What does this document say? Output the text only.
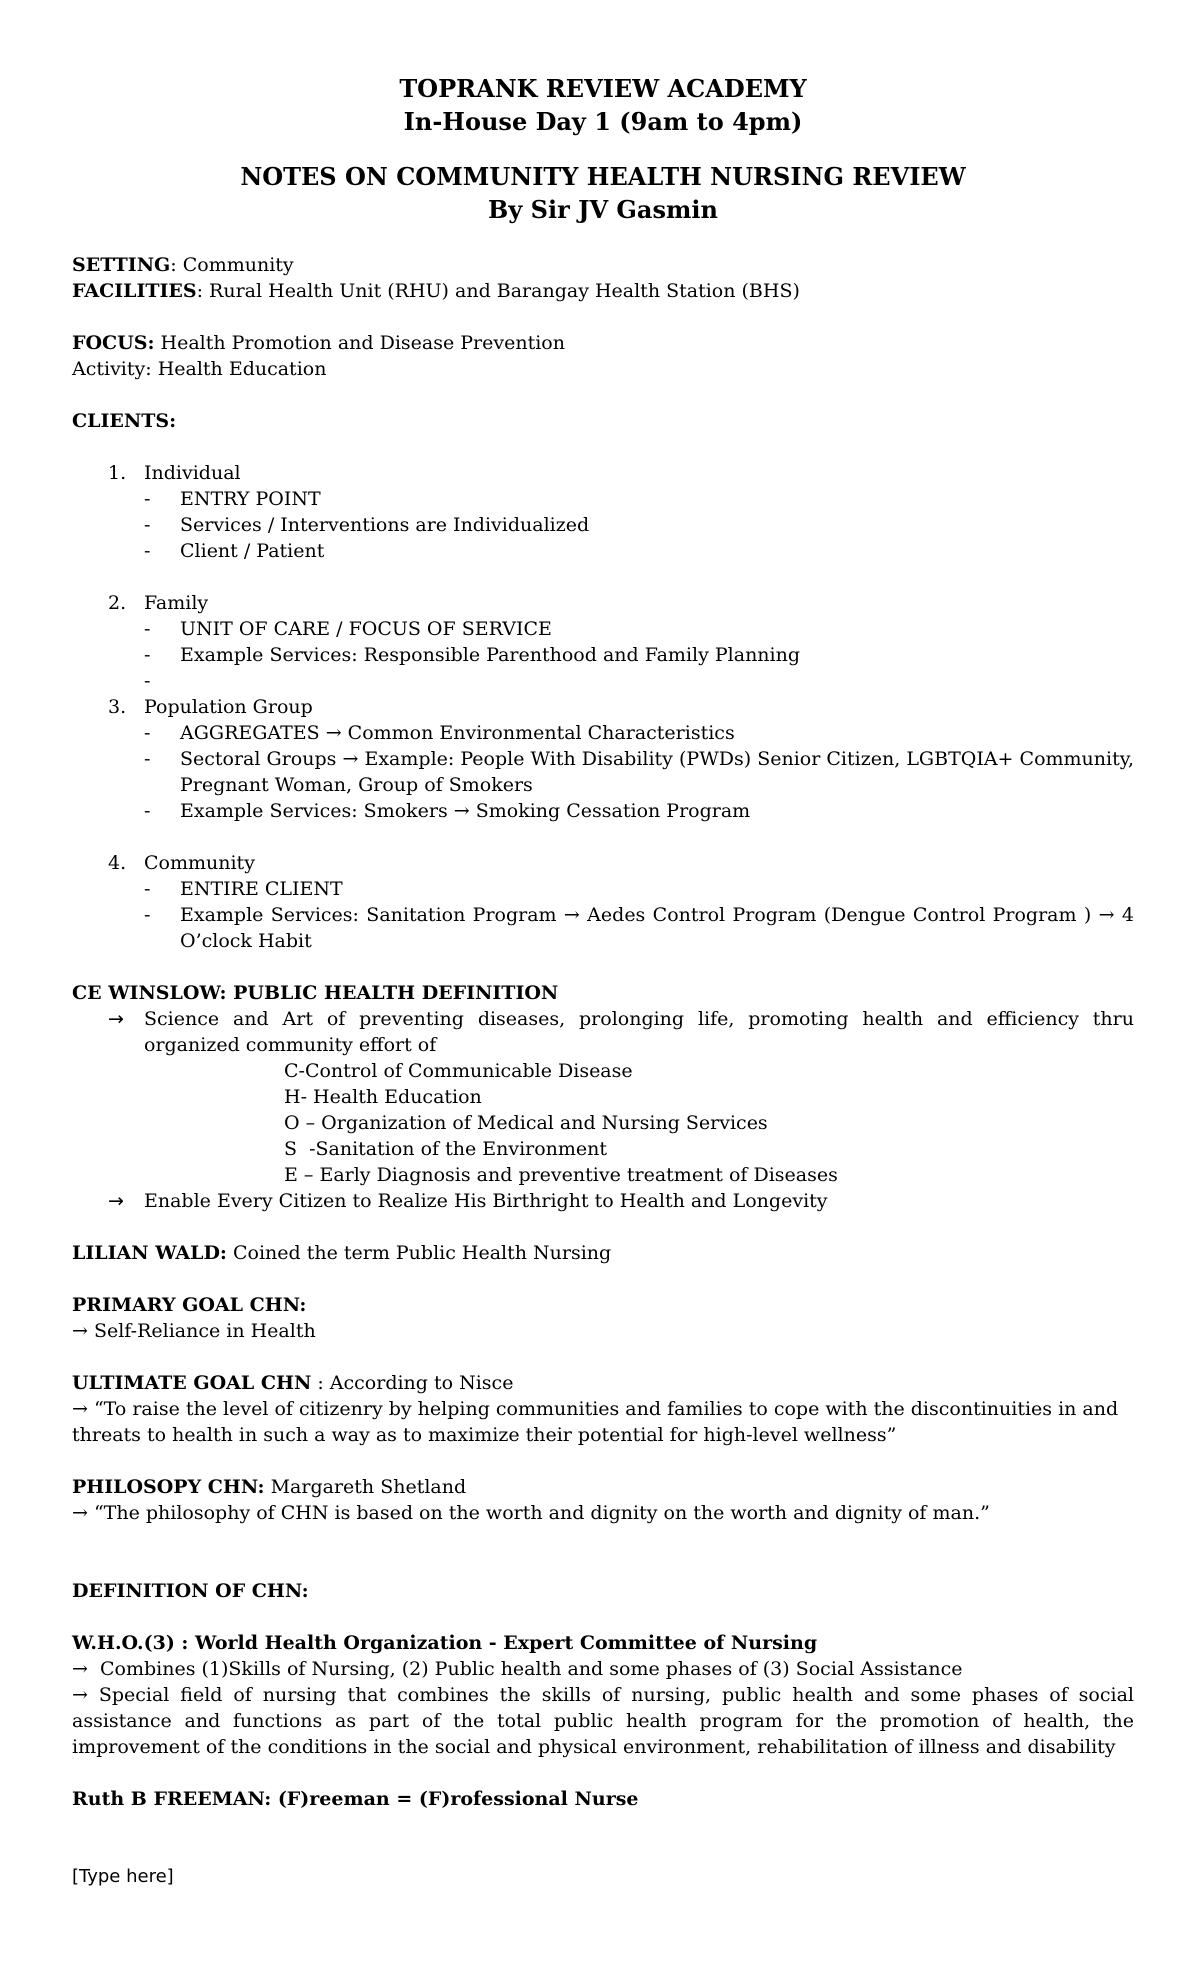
TOPRANK REVIEW ACADEMY
In-House Day 1 (9am to 4pm)
NOTES ON COMMUNITY HEALTH NURSING REVIEW
By Sir JV Gasmin

SETTING: Community

FACILITIES: Rural Health Unit (RHU) and Barangay Health Station (BHS)

FOCUS: Health Promotion and Disease Prevention

Activity: Health Education

CLIENTS:

1. Individual
-	ENTRY POINT
-	Services / Interventions are Individualized
-	Client / Patient
2. Family
-	UNIT OF CARE / FOCUS OF SERVICE
-	Example Services: Responsible Parenthood and Family Planning
-
3. Population Group
-	AGGREGATES → Common Environmental Characteristics
-	Sectoral Groups → Example: People With Disability (PWDs) Senior Citizen, LGBTQIA+ Community, Pregnant Woman, Group of Smokers
-	Example Services: Smokers → Smoking Cessation Program
4. Community
-	ENTIRE CLIENT
-	Example Services: Sanitation Program → Aedes Control Program (Dengue Control Program ) → 4 O’clock Habit

CE WINSLOW: PUBLIC HEALTH DEFINITION

→	Science and Art of preventing diseases, prolonging life, promoting health and efficiency thru organized community effort of

C-Control of Communicable Disease

H- Health Education

O – Organization of Medical and Nursing Services

S  -Sanitation of the Environment

E – Early Diagnosis and preventive treatment of Diseases

→	Enable Every Citizen to Realize His Birthright to Health and Longevity

LILIAN WALD: Coined the term Public Health Nursing

PRIMARY GOAL CHN:

→ Self-Reliance in Health

ULTIMATE GOAL CHN : According to Nisce

→ “To raise the level of citizenry by helping communities and families to cope with the discontinuities in and threats to health in such a way as to maximize their potential for high-level wellness”

PHILOSOPY CHN: Margareth Shetland

→ “The philosophy of CHN is based on the worth and dignity on the worth and dignity of man.”

DEFINITION OF CHN:

W.H.O.(3) : World Health Organization - Expert Committee of Nursing

→  Combines (1)Skills of Nursing, (2) Public health and some phases of (3) Social Assistance

→ Special field of nursing that combines the skills of nursing, public health and some phases of social assistance and functions as part of the total public health program for the promotion of health, the improvement of the conditions in the social and physical environment, rehabilitation of illness and disability

Ruth B FREEMAN: (F)reeman = (F)rofessional Nurse

[Type here]
